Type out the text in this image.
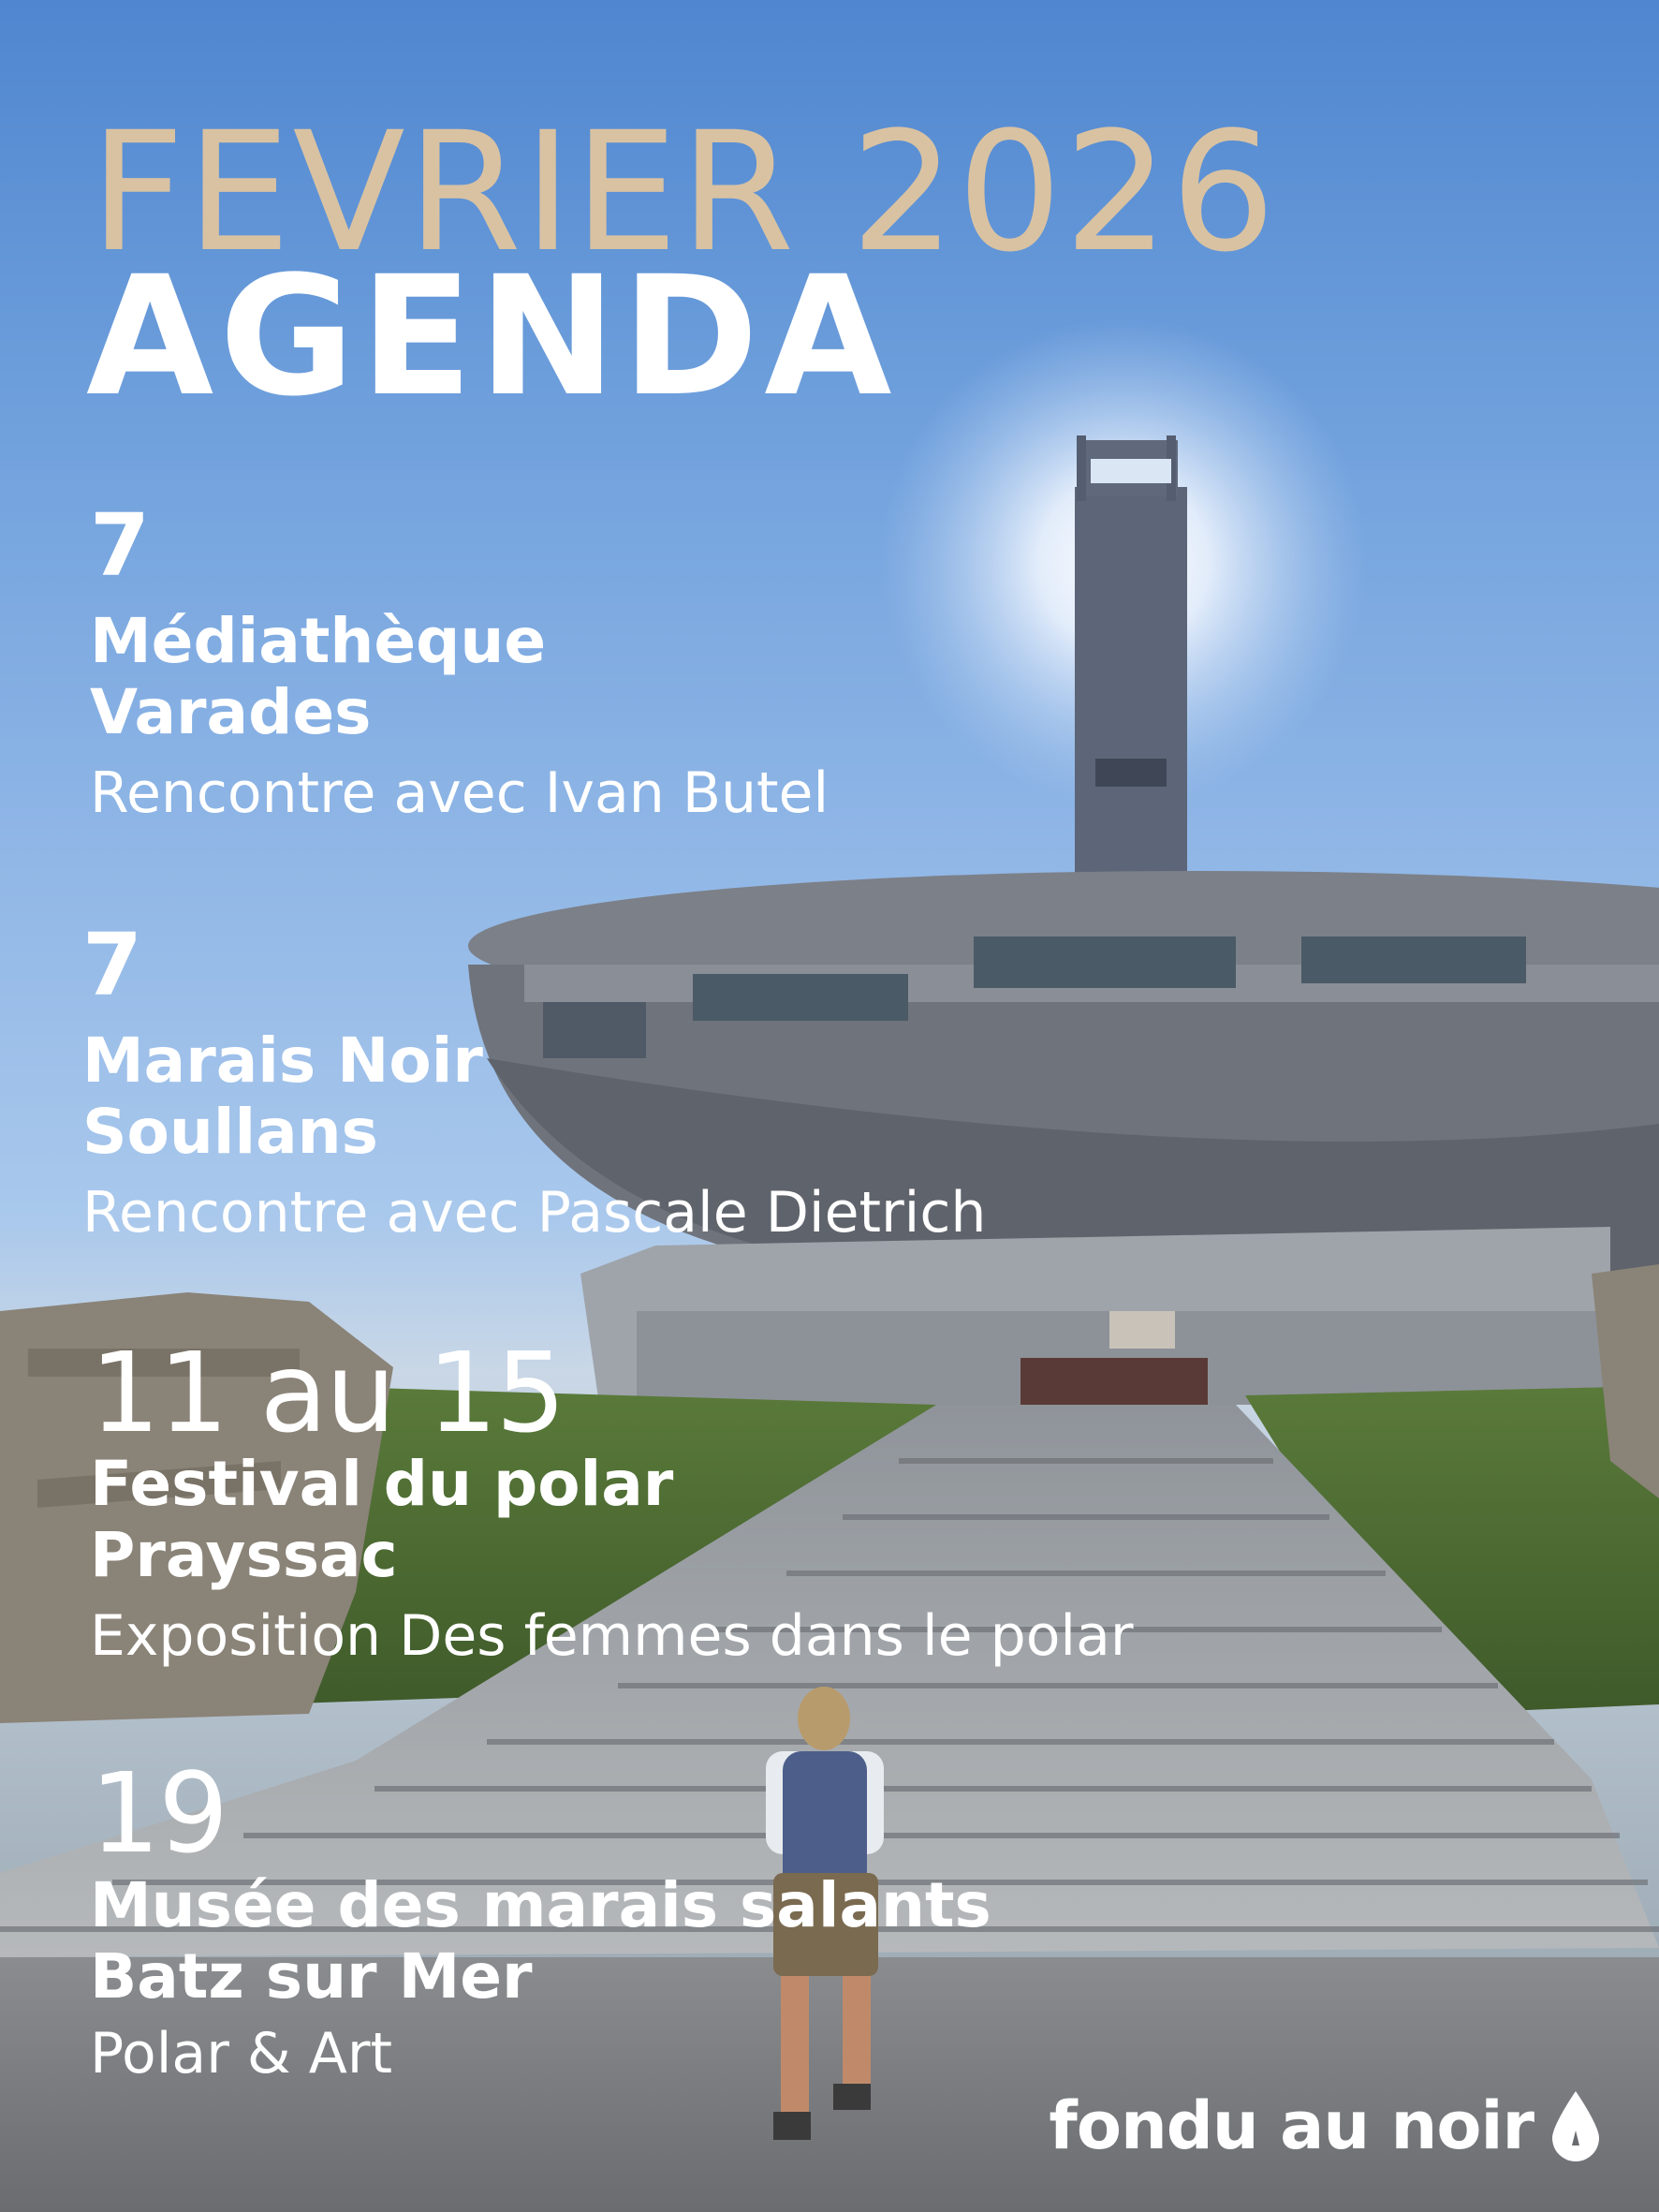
FEVRIER 2026
AGENDA
7
Médiathèque
Varades
Rencontre avec Ivan Butel
7
Marais Noir
Soullans
Rencontre avec Pascale Dietrich
11 au 15
Festival du polar
Prayssac
Exposition Des femmes dans le polar
19
Musée des marais salants
Batz sur Mer
Polar & Art
fondu au noir
